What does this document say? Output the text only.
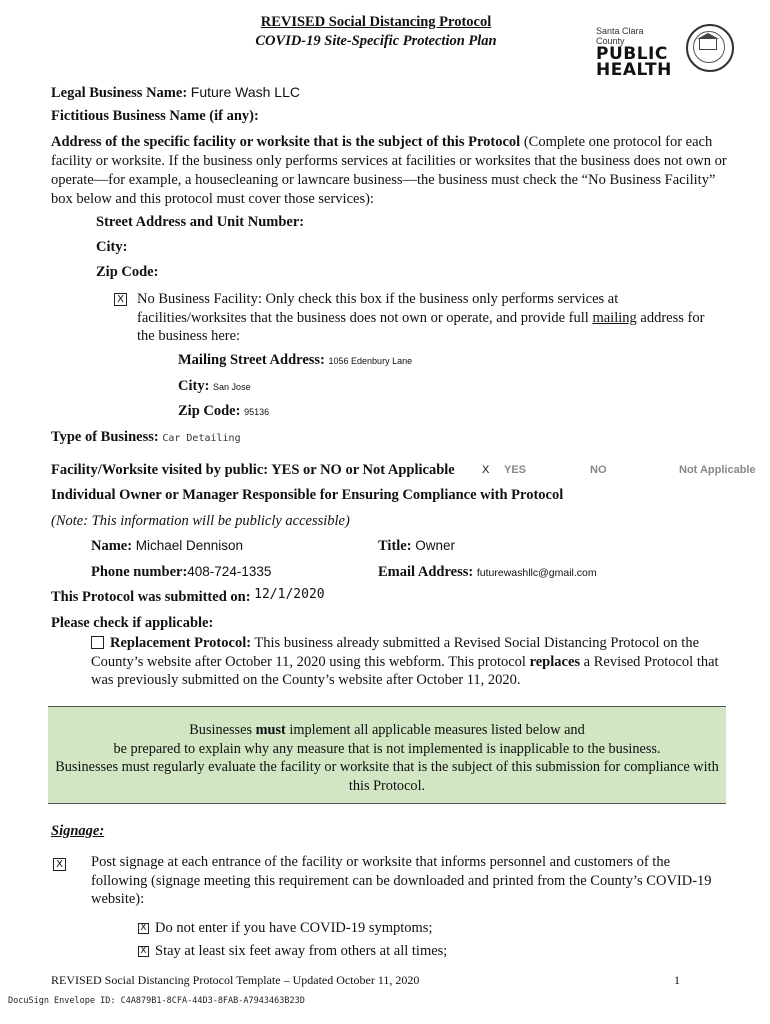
REVISED Social Distancing Protocol
COVID-19 Site-Specific Protection Plan
Santa Clara County
PUBLIC
HEALTH
Legal Business Name: Future Wash LLC
Fictitious Business Name (if any):
Address of the specific facility or worksite that is the subject of this Protocol (Complete one protocol for each facility or worksite. If the business only performs services at facilities or worksites that the business does not own or operate—for example, a housecleaning or lawncare business—the business must check the “No Business Facility” box below and this protocol must cover those services):
Street Address and Unit Number:
City:
Zip Code:
X No Business Facility: Only check this box if the business only performs services at facilities/worksites that the business does not own or operate, and provide full mailing address for the business here:
Mailing Street Address: 1056 Edenbury Lane
City: San Jose
Zip Code: 95136
Type of Business: Car Detailing
Facility/Worksite visited by public: YES or NO or Not Applicable X YES	NO	Not Applicable
Individual Owner or Manager Responsible for Ensuring Compliance with Protocol
(Note: This information will be publicly accessible)
Name: Michael Dennison	Title: Owner
Phone number:408-724-1335	Email Address: futurewashllc@gmail.com
This Protocol was submitted on: 12/1/2020
Please check if applicable:
Replacement Protocol: This business already submitted a Revised Social Distancing Protocol on the County’s website after October 11, 2020 using this webform. This protocol replaces a Revised Protocol that was previously submitted on the County’s website after October 11, 2020.

Businesses must implement all applicable measures listed below and

be prepared to explain why any measure that is not implemented is inapplicable to the business.

Businesses must regularly evaluate the facility or worksite that is the subject of this submission for compliance with this Protocol.

Signage:
X	Post signage at each entrance of the facility or worksite that informs personnel and customers of the following (signage meeting this requirement can be downloaded and printed from the County’s COVID-19 website):
X Do not enter if you have COVID-19 symptoms;
X Stay at least six feet away from others at all times;
REVISED Social Distancing Protocol Template – Updated October 11, 2020	1
DocuSign Envelope ID: C4A879B1-8CFA-44D3-8FAB-A7943463B23D
